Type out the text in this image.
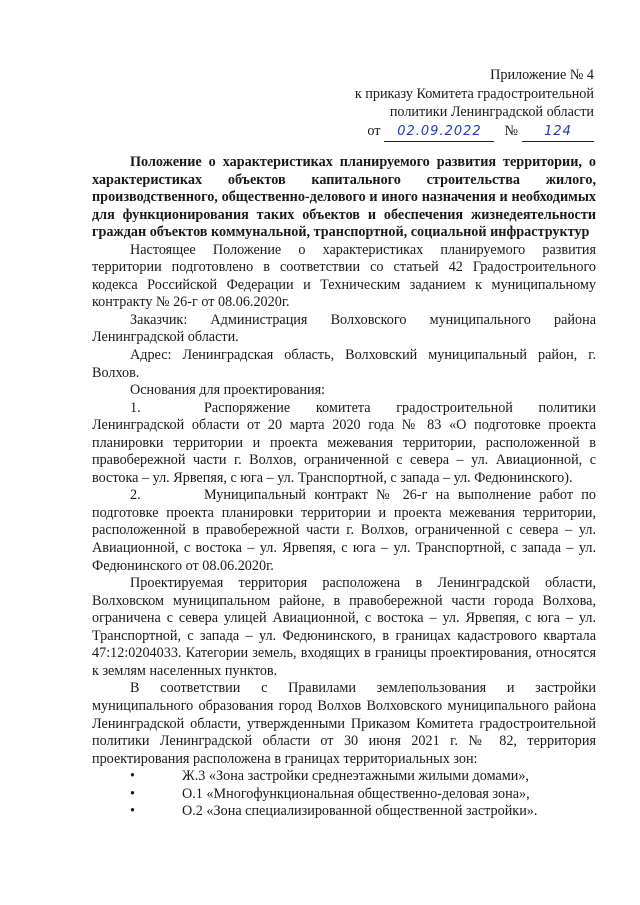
Приложение № 4
к приказу Комитета градостроительной
политики Ленинградской области
от	02.09.2022	№	124

Положение о характеристиках планируемого развития территории, о характеристиках объектов капитального строительства жилого, производственного, общественно-делового и иного назначения и необходимых для функционирования таких объектов и обеспечения жизнедеятельности граждан объектов коммунальной, транспортной, социальной инфраструктур

Настоящее Положение о характеристиках планируемого развития территории подготовлено в соответствии со статьей 42 Градостроительного кодекса Российской Федерации и Техническим заданием к муниципальному контракту № 26-г от 08.06.2020г.

Заказчик: Администрация Волховского муниципального района Ленинградской области.

Адрес: Ленинградская область, Волховский муниципальный район, г. Волхов.

Основания для проектирования:

1.	Распоряжение комитета градостроительной политики Ленинградской области от 20 марта 2020 года № 83 «О подготовке проекта планировки территории и проекта межевания территории, расположенной в правобережной части г. Волхов, ограниченной с севера – ул. Авиационной, с востока – ул. Ярвепяя, с юга – ул. Транспортной, с запада – ул. Федюнинского).

2.	Муниципальный контракт № 26-г на выполнение работ по подготовке проекта планировки территории и проекта межевания территории, расположенной в правобережной части г. Волхов, ограниченной с севера – ул. Авиационной, с востока – ул. Ярвепяя, с юга – ул. Транспортной, с запада – ул. Федюнинского от 08.06.2020г.

Проектируемая территория расположена в Ленинградской области, Волховском муниципальном районе, в правобережной части города Волхова, ограничена с севера улицей Авиационной, с востока – ул. Ярвепяя, с юга – ул. Транспортной, с запада – ул. Федюнинского, в границах кадастрового квартала 47:12:0204033. Категории земель, входящих в границы проектирования, относятся к землям населенных пунктов.

В соответствии с Правилами землепользования и застройки муниципального образования город Волхов Волховского муниципального района Ленинградской области, утвержденными Приказом Комитета градостроительной политики Ленинградской области от 30 июня 2021 г. № 82, территория проектирования расположена в границах территориальных зон:

•	Ж.3 «Зона застройки среднеэтажными жилыми домами»,
•	О.1 «Многофункциональная общественно-деловая зона»,
•	О.2 «Зона специализированной общественной застройки».
